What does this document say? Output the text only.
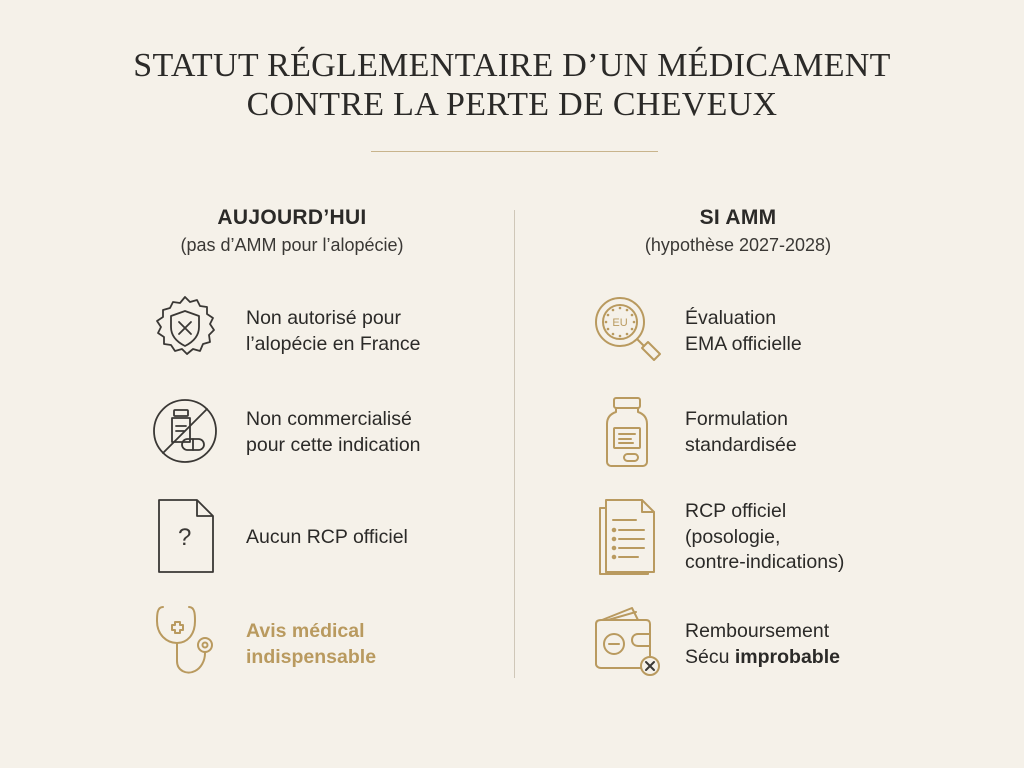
STATUT RÉGLEMENTAIRE D’UN MÉDICAMENT
CONTRE LA PERTE DE CHEVEUX
AUJOURD’HUI
(pas d’AMM pour l’alopécie)
SI AMM
(hypothèse 2027-2028)
Non autorisé pour
l’alopécie en France
Non commercialisé
pour cette indication
?	Aucun RCP officiel
Avis médical
indispensable
EU	Évaluation
EMA officielle
Formulation
standardisée
RCP officiel
(posologie,
contre-indications)
Remboursement
Sécu improbable
